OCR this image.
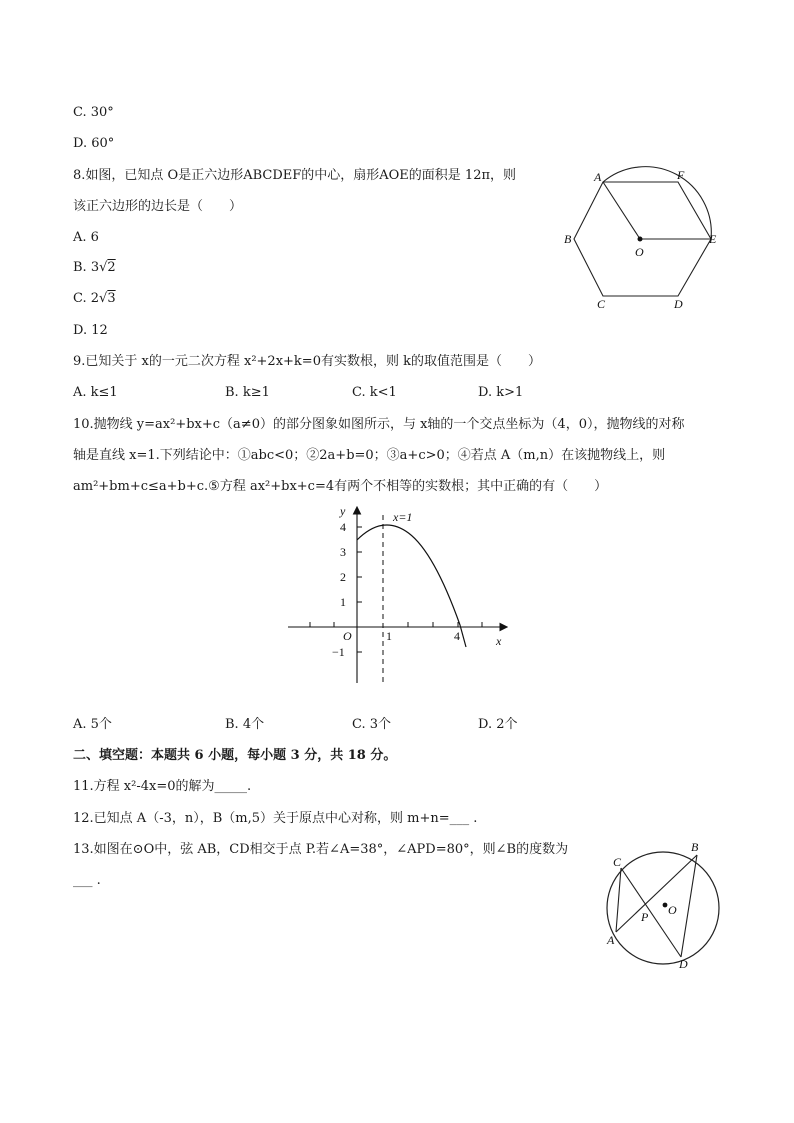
C. 30°
D. 60°
8.如图，已知点 O是正六边形ABCDEF的中心，扇形AOE的面积是 12π，则
该正六边形的边长是（　　）
A. 6
B. 3√2
C. 2√3
D. 12
A	F
B
O
E
C	D
9.已知关于 x的一元二次方程 x²+2x+k=0有实数根，则 k的取值范围是（　　）
A. k≤1	B. k≥1	C. k<1	D. k>1
10.抛物线 y=ax²+bx+c（a≠0）的部分图象如图所示，与 x轴的一个交点坐标为（4，0），抛物线的对称
轴是直线 x=1.下列结论中：①abc<0；②2a+b=0；③a+c>0；④若点 A（m,n）在该抛物线上，则
am²+bm+c≤a+b+c.⑤方程 ax²+bx+c=4有两个不相等的实数根；其中正确的有（　　）
y	x=1
4
3
2
1
−1
O	1	4	x
A. 5个	B. 4个	C. 3个	D. 2个
二、填空题：本题共 6 小题，每小题 3 分，共 18 分。
11.方程 x²-4x=0的解为_____.
12.已知点 A（-3，n），B（m,5）关于原点中心对称，则 m+n=___ .
13.如图在⊙O中，弦 AB，CD相交于点 P.若∠A=38°，∠APD=80°，则∠B的度数为
___ .
C
B
P O
A
D
